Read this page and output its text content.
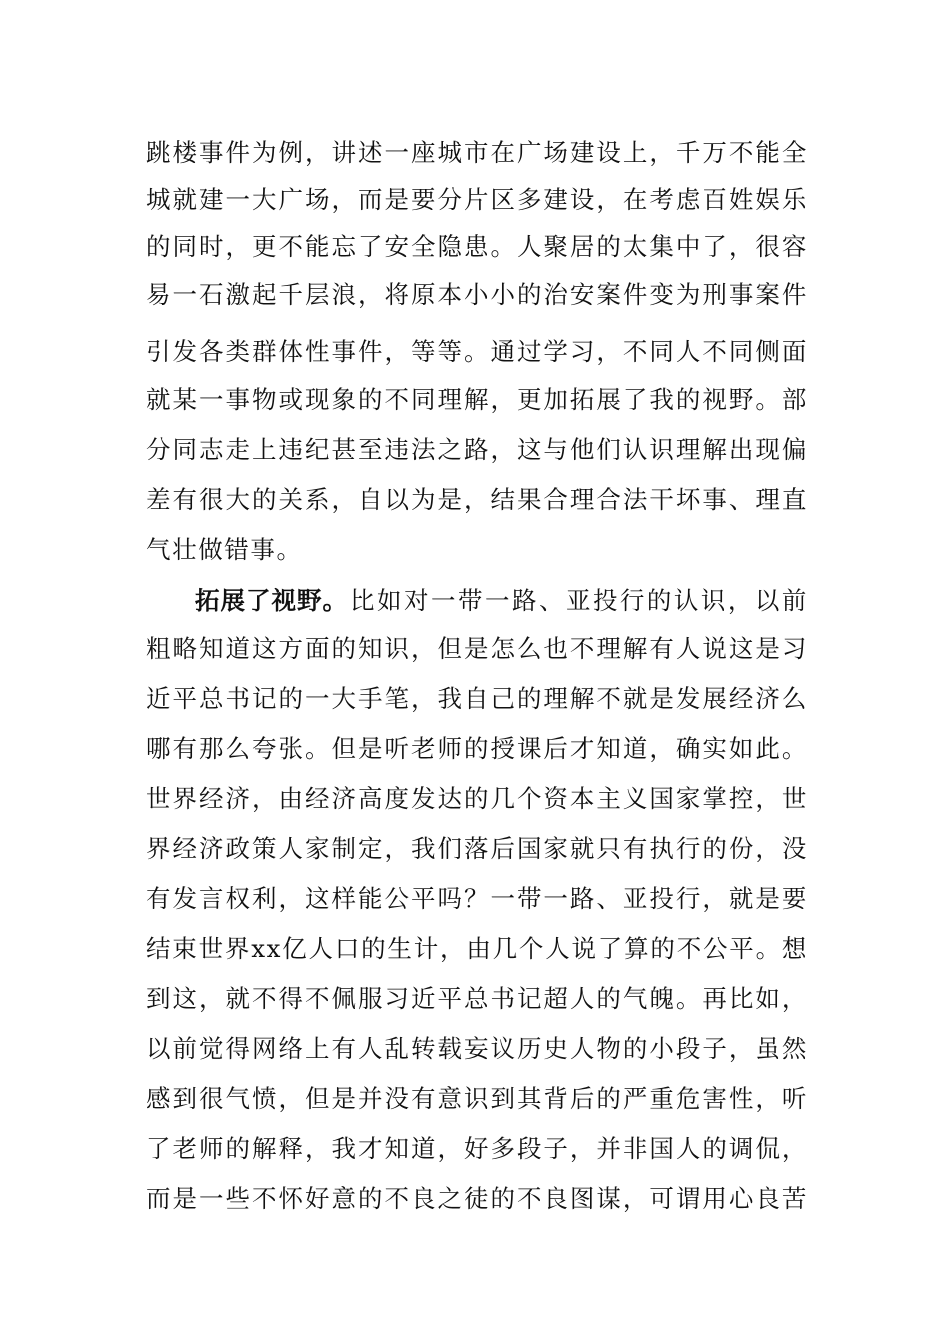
跳楼事件为例，讲述一座城市在广场建设上，千万不能全
城就建一大广场，而是要分片区多建设，在考虑百姓娱乐
的同时，更不能忘了安全隐患。人聚居的太集中了，很容
易一石激起千层浪，将原本小小的治安案件变为刑事案件
引发各类群体性事件，等等。通过学习，不同人不同侧面
就某一事物或现象的不同理解，更加拓展了我的视野。部
分同志走上违纪甚至违法之路，这与他们认识理解出现偏
差有很大的关系，自以为是，结果合理合法干坏事、理直
气壮做错事。
拓展了视野。 比如对一带一路、亚投行的认识，以前
粗略知道这方面的知识，但是怎么也不理解有人说这是习
近平总书记的一大手笔，我自己的理解不就是发展经济么
哪有那么夸张。但是听老师的授课后才知道，确实如此。
世界经济，由经济高度发达的几个资本主义国家掌控，世
界经济政策人家制定，我们落后国家就只有执行的份，没
有发言权利，这样能公平吗？一带一路、亚投行，就是要
结束世界xx亿人口的生计，由几个人说了算的不公平。想
到这，就不得不佩服习近平总书记超人的气魄。再比如，
以前觉得网络上有人乱转载妄议历史人物的小段子，虽然
感到很气愤，但是并没有意识到其背后的严重危害性，听
了老师的解释，我才知道，好多段子，并非国人的调侃，
而是一些不怀好意的不良之徒的不良图谋，可谓用心良苦
